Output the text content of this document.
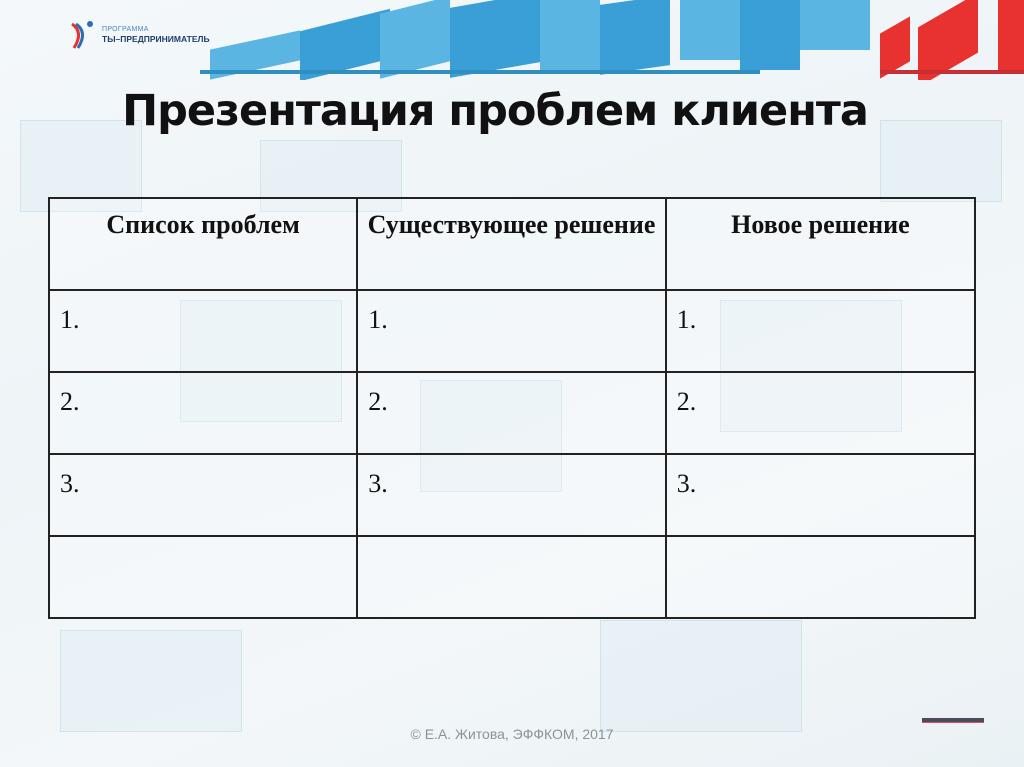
ПРОГРАММА
ТЫ–ПРЕДПРИНИМАТЕЛЬ
Презентация проблем клиента
Список проблем	Существующее решение	Новое решение
1.	1.	1.
2.	2.	2.
3.	3.	3.

© Е.А. Житова, ЭФФКОМ, 2017
